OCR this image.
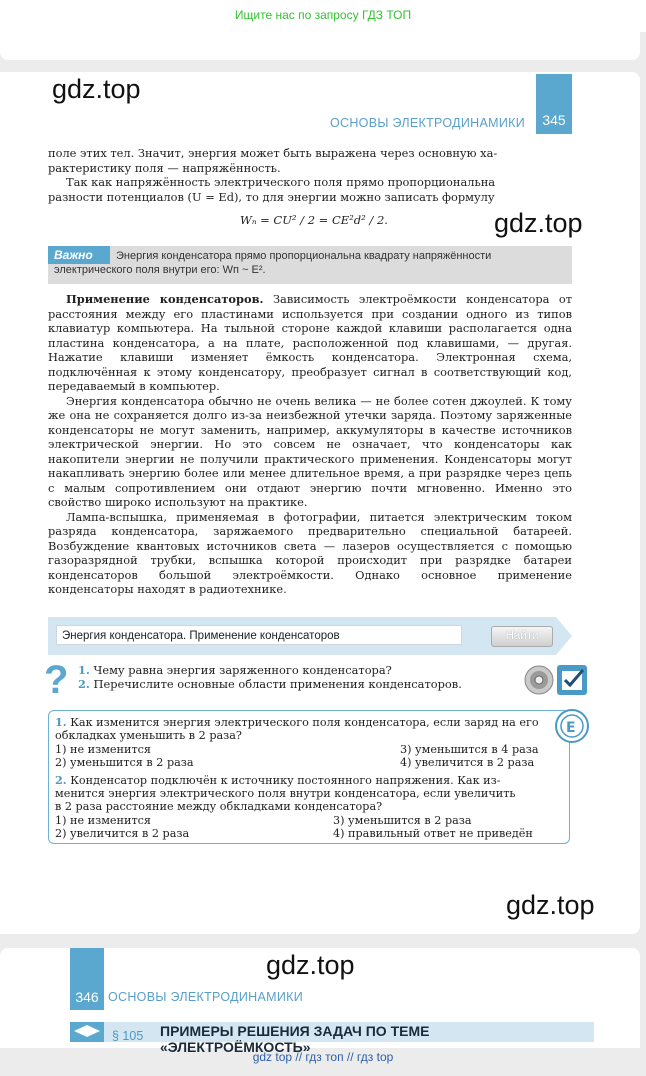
Ищите нас по запросу ГДЗ ТОП
gdz.top
ОСНОВЫ ЭЛЕКТРОДИНАМИКИ	345
поле этих тел. Значит, энергия может быть выражена через основную ха-
рактеристику поля — напряжённость.
Так как напряжённость электрического поля прямо пропорциональна
разности потенциалов (U = Ed), то для энергии можно записать формулу
Wₙ = CU² / 2 = CE²d² / 2.	gdz.top
Энергия конденсатора прямо пропорциональна квадрату напряжённости электрического поля внутри его: Wп ~ E².
Важно

Применение конденсаторов. Зависимость электроёмкости конденсатора от расстояния между его пластинами используется при создании одного из типов клавиатур компьютера. На тыльной стороне каждой клавиши располагается одна пластина конденсатора, а на плате, расположенной под клавишами, — другая. Нажатие клавиши изменяет ёмкость конденсатора. Электронная схема, подключённая к этому конденсатору, преобразует сигнал в соответствующий код, передаваемый в компьютер.

Энергия конденсатора обычно не очень велика — не более сотен джоулей. К тому же она не сохраняется долго из-за неизбежной утечки заряда. Поэтому заряженные конденсаторы не могут заменить, например, аккумуляторы в качестве источников электрической энергии. Но это совсем не означает, что конденсаторы как накопители энергии не получили практического применения. Конденсаторы могут накапливать энергию более или менее длительное время, а при разрядке через цепь с малым сопротивлением они отдают энергию почти мгновенно. Именно это свойство широко используют на практике.

Лампа-вспышка, применяемая в фотографии, питается электрическим током разряда конденсатора, заряжаемого предварительно специальной батареей. Возбуждение квантовых источников света — лазеров осуществляется с помощью газоразрядной трубки, вспышка которой происходит при разрядке батареи конденсаторов большой электроёмкости. Однако основное применение конденсаторы находят в радиотехнике.

Энергия конденсатора. Применение конденсаторов	Найти
? 1. Чему равна энергия заряженного конденсатора?
2. Перечислите основные области применения конденсаторов.
E
1. Как изменится энергия электрического поля конденсатора, если заряд на его
обкладках уменьшить в 2 раза?
1) не изменится	3) уменьшится в 4 раза
2) уменьшится в 2 раза	4) увеличится в 2 раза
2. Конденсатор подключён к источнику постоянного напряжения. Как из-
менится энергия электрического поля внутри конденсатора, если увеличить
в 2 раза расстояние между обкладками конденсатора?
1) не изменится	3) уменьшится в 2 раза
2) увеличится в 2 раза	4) правильный ответ не приведён
gdz.top
346 ОСНОВЫ ЭЛЕКТРОДИНАМИКИ
gdz.top
§ 105 ПРИМЕРЫ РЕШЕНИЯ ЗАДАЧ ПО ТЕМЕ
«ЭЛЕКТРОЁМКОСТЬ»
gdz top // гдз топ // гдз top
